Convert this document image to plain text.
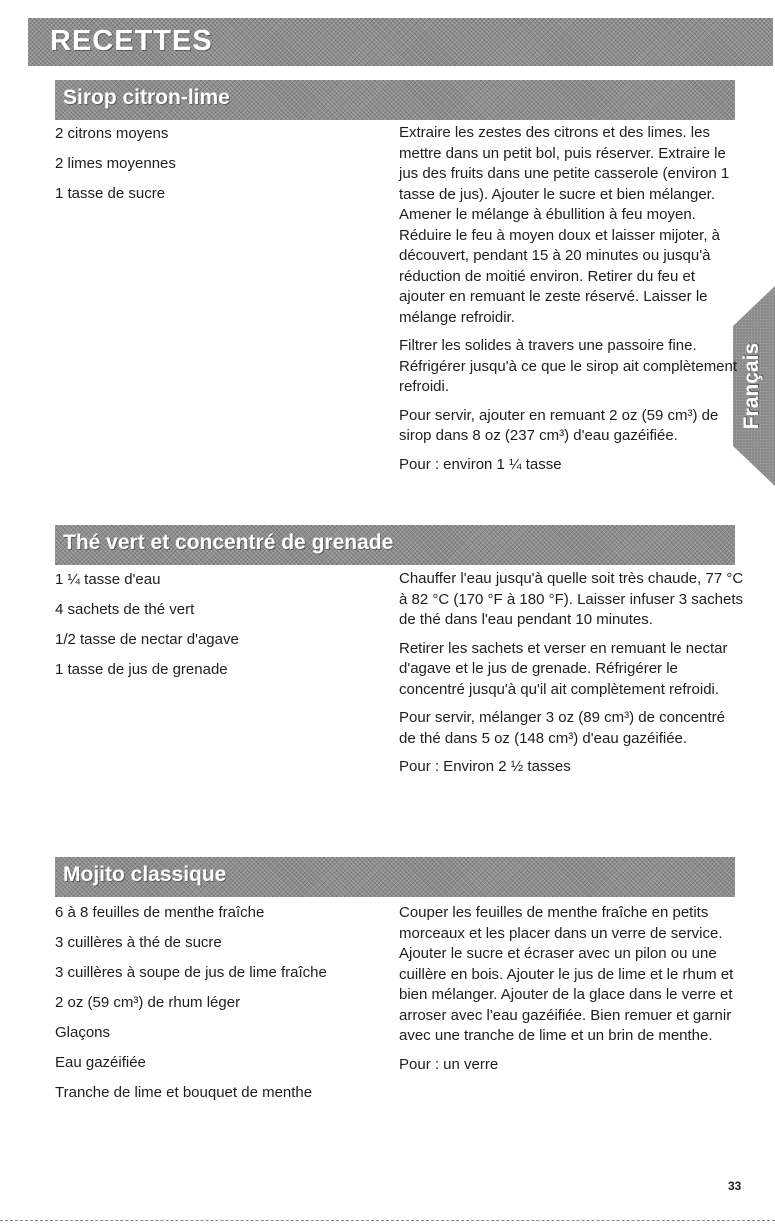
RECETTES
Français
Sirop citron-lime
2 citrons moyens
2 limes moyennes
1 tasse de sucre

Extraire les zestes des citrons et des limes. les mettre dans un petit bol, puis réserver. Extraire le jus des fruits dans une petite casserole (environ 1 tasse de jus). Ajouter le sucre et bien mélanger. Amener le mélange à ébullition à feu moyen. Réduire le feu à moyen doux et laisser mijoter, à découvert, pendant 15 à 20 minutes ou jusqu'à réduction de moitié environ. Retirer du feu et ajouter en remuant le zeste réservé. Laisser le mélange refroidir.

Filtrer les solides à travers une passoire fine. Réfrigérer jusqu'à ce que le sirop ait complètement refroidi.

Pour servir, ajouter en remuant 2 oz (59 cm³) de sirop dans 8 oz (237 cm³) d'eau gazéifiée.

Pour : environ 1 ¼ tasse

Thé vert et concentré de grenade
1 ¼ tasse d'eau
4 sachets de thé vert
1/2 tasse de nectar d'agave
1 tasse de jus de grenade

Chauffer l'eau jusqu'à quelle soit très chaude, 77 °C à 82 °C (170 °F à 180 °F). Laisser infuser 3 sachets de thé dans l'eau pendant 10 minutes.

Retirer les sachets et verser en remuant le nectar d'agave et le jus de grenade. Réfrigérer le concentré jusqu'à qu'il ait complètement refroidi.

Pour servir, mélanger 3 oz (89 cm³) de concentré de thé dans 5 oz (148 cm³) d'eau gazéifiée.

Pour : Environ 2 ½ tasses

Mojito classique
6 à 8 feuilles de menthe fraîche
3 cuillères à thé de sucre
3 cuillères à soupe de jus de lime fraîche
2 oz (59 cm³) de rhum léger
Glaçons
Eau gazéifiée
Tranche de lime et bouquet de menthe

Couper les feuilles de menthe fraîche en petits morceaux et les placer dans un verre de service. Ajouter le sucre et écraser avec un pilon ou une cuillère en bois. Ajouter le jus de lime et le rhum et bien mélanger. Ajouter de la glace dans le verre et arroser avec l'eau gazéifiée. Bien remuer et garnir avec une tranche de lime et un brin de menthe.

Pour : un verre

33
